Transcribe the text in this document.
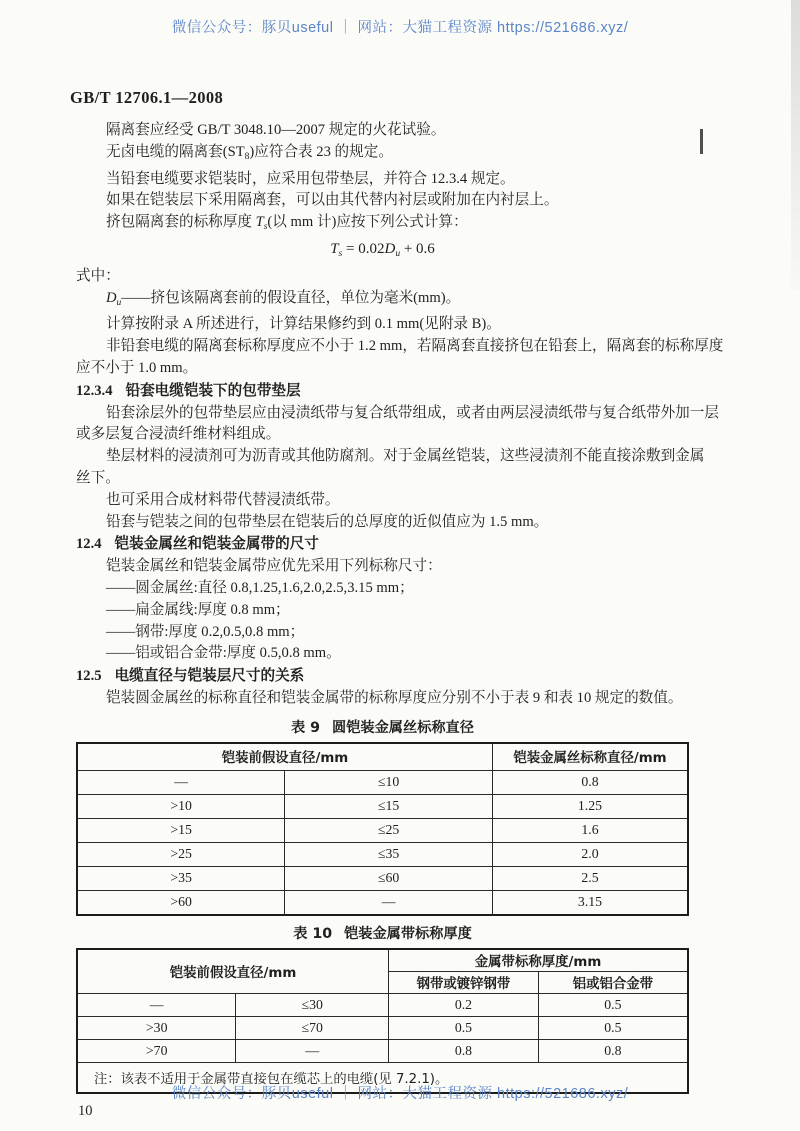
微信公众号：豚贝useful ｜ 网站：大猫工程资源 https://521686.xyz/

GB/T 12706.1—2008

隔离套应经受 GB/T 3048.10—2007 规定的火花试验。

无卤电缆的隔离套$(ST_8)$应符合表 23 的规定。

当铅套电缆要求铠装时，应采用包带垫层，并符合 12.3.4 规定。

如果在铠装层下采用隔离套，可以由其代替内衬层或附加在内衬层上。

挤包隔离套的标称厚度 $T_s$(以 mm 计)应按下列公式计算：

$T_s = 0.02D_u + 0.6$

式中：

$D_u——$挤包该隔离套前的假设直径，单位为毫米(mm)。

计算按附录 A 所述进行，计算结果修约到 0.1 mm(见附录 B)。

非铅套电缆的隔离套标称厚度应不小于 1.2 mm，若隔离套直接挤包在铅套上，隔离套的标称厚度

应不小于 1.0 mm。

12.3.4 铅套电缆铠装下的包带垫层

铅套涂层外的包带垫层应由浸渍纸带与复合纸带组成，或者由两层浸渍纸带与复合纸带外加一层

或多层复合浸渍纤维材料组成。

垫层材料的浸渍剂可为沥青或其他防腐剂。对于金属丝铠装，这些浸渍剂不能直接涂敷到金属

丝下。

也可采用合成材料带代替浸渍纸带。

铅套与铠装之间的包带垫层在铠装后的总厚度的近似值应为 1.5 mm。

12.4 铠装金属丝和铠装金属带的尺寸

铠装金属丝和铠装金属带应优先采用下列标称尺寸：

——圆金属丝:直径 0.8,1.25,1.6,2.0,2.5,3.15 mm；

——扁金属线:厚度 0.8 mm；

——钢带:厚度 0.2,0.5,0.8 mm；

——铝或铝合金带:厚度 0.5,0.8 mm。

12.5 电缆直径与铠装层尺寸的关系

铠装圆金属丝的标称直径和铠装金属带的标称厚度应分别不小于表 9 和表 10 规定的数值。

表 9 圆铠装金属丝标称直径

铠装前假设直径/mm		铠装金属丝标称直径/mm
—	≤10	0.8
>10	≤15	1.25
>15	≤25	1.6
>25	≤35	2.0
>35	≤60	2.5
>60	—	3.15

表 10 铠装金属带标称厚度

铠装前假设直径/mm		金属带标称厚度/mm	
		钢带或镀锌钢带	铝或铝合金带
—	≤30	0.2	0.5
>30	≤70	0.5	0.5
>70	—	0.8	0.8
注：该表不适用于金属带直接包在缆芯上的电缆(见 7.2.1)。			
10
微信公众号：豚贝useful ｜ 网站：大猫工程资源 https://521686.xyz/
